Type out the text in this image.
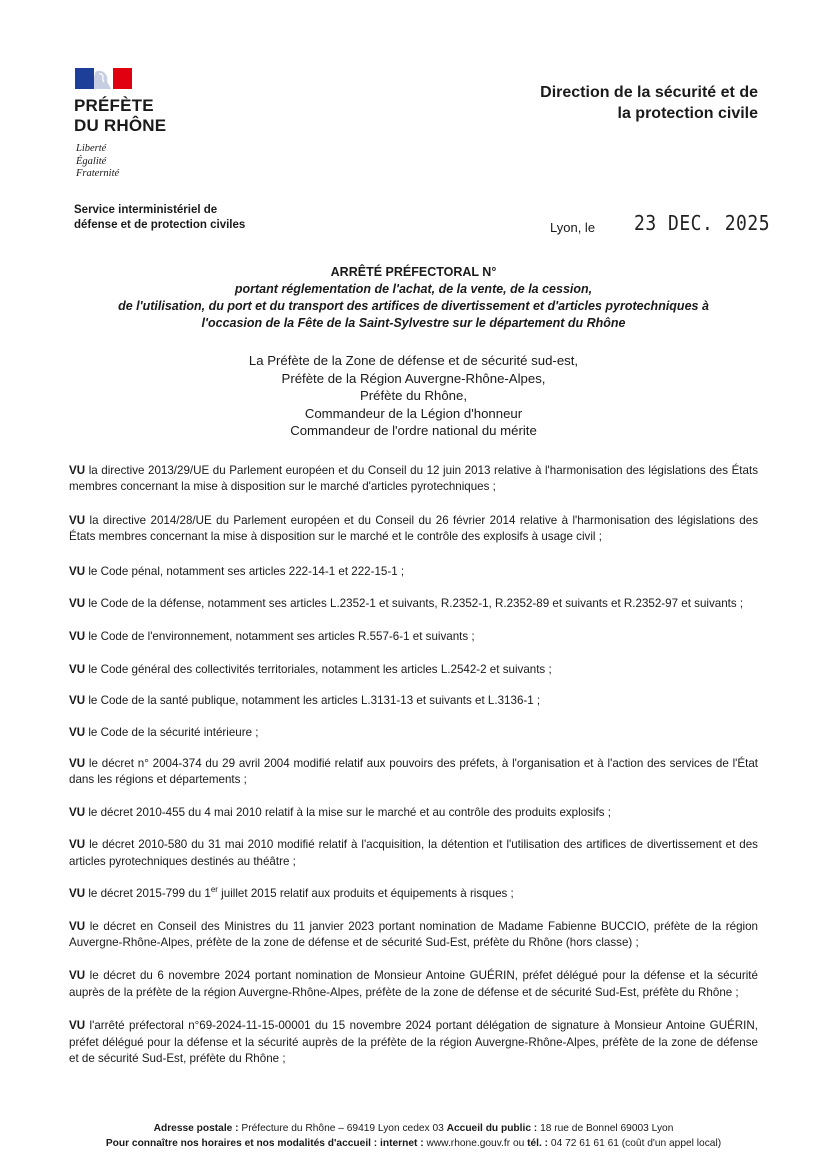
PRÉFÈTE
DU RHÔNE
Liberté
Égalité
Fraternité
Direction de la sécurité et de
la protection civile
Service interministériel de
défense et de protection civiles	Lyon, le 23 DEC. 2025
ARRÊTÉ PRÉFECTORAL N°
portant réglementation de l'achat, de la vente, de la cession,
de l'utilisation, du port et du transport des artifices de divertissement et d'articles pyrotechniques à
l'occasion de la Fête de la Saint-Sylvestre sur le département du Rhône
La Préfète de la Zone de défense et de sécurité sud-est,
Préfète de la Région Auvergne-Rhône-Alpes,
Préfète du Rhône,
Commandeur de la Légion d'honneur
Commandeur de l'ordre national du mérite

VU la directive 2013/29/UE du Parlement européen et du Conseil du 12 juin 2013 relative à l'harmonisation des législations des États membres concernant la mise à disposition sur le marché d'articles pyrotechniques ;

VU la directive 2014/28/UE du Parlement européen et du Conseil du 26 février 2014 relative à l'harmonisation des législations des États membres concernant la mise à disposition sur le marché et le contrôle des explosifs à usage civil ;

VU le Code pénal, notamment ses articles 222-14-1 et 222-15-1 ;

VU le Code de la défense, notamment ses articles L.2352-1 et suivants, R.2352-1, R.2352-89 et suivants et R.2352-97 et suivants ;

VU le Code de l'environnement, notamment ses articles R.557-6-1 et suivants ;

VU le Code général des collectivités territoriales, notamment les articles L.2542-2 et suivants ;

VU le Code de la santé publique, notamment les articles L.3131-13 et suivants et L.3136-1 ;

VU le Code de la sécurité intérieure ;

VU le décret n° 2004-374 du 29 avril 2004 modifié relatif aux pouvoirs des préfets, à l'organisation et à l'action des services de l'État dans les régions et départements ;

VU le décret 2010-455 du 4 mai 2010 relatif à la mise sur le marché et au contrôle des produits explosifs ;

VU le décret 2010-580 du 31 mai 2010 modifié relatif à l'acquisition, la détention et l'utilisation des artifices de divertissement et des articles pyrotechniques destinés au théâtre ;

VU le décret 2015-799 du 1er juillet 2015 relatif aux produits et équipements à risques ;

VU le décret en Conseil des Ministres du 11 janvier 2023 portant nomination de Madame Fabienne BUCCIO, préfète de la région Auvergne-Rhône-Alpes, préfète de la zone de défense et de sécurité Sud-Est, préfète du Rhône (hors classe) ;

VU le décret du 6 novembre 2024 portant nomination de Monsieur Antoine GUÉRIN, préfet délégué pour la défense et la sécurité auprès de la préfète de la région Auvergne-Rhône-Alpes, préfète de la zone de défense et de sécurité Sud-Est, préfète du Rhône ;

VU l'arrêté préfectoral n°69-2024-11-15-00001 du 15 novembre 2024 portant délégation de signature à Monsieur Antoine GUÉRIN, préfet délégué pour la défense et la sécurité auprès de la préfète de la région Auvergne-Rhône-Alpes, préfète de la zone de défense et de sécurité Sud-Est, préfète du Rhône ;

Adresse postale : Préfecture du Rhône – 69419 Lyon cedex 03 Accueil du public : 18 rue de Bonnel 69003 Lyon
Pour connaître nos horaires et nos modalités d'accueil : internet : www.rhone.gouv.fr ou tél. : 04 72 61 61 61 (coût d'un appel local)
